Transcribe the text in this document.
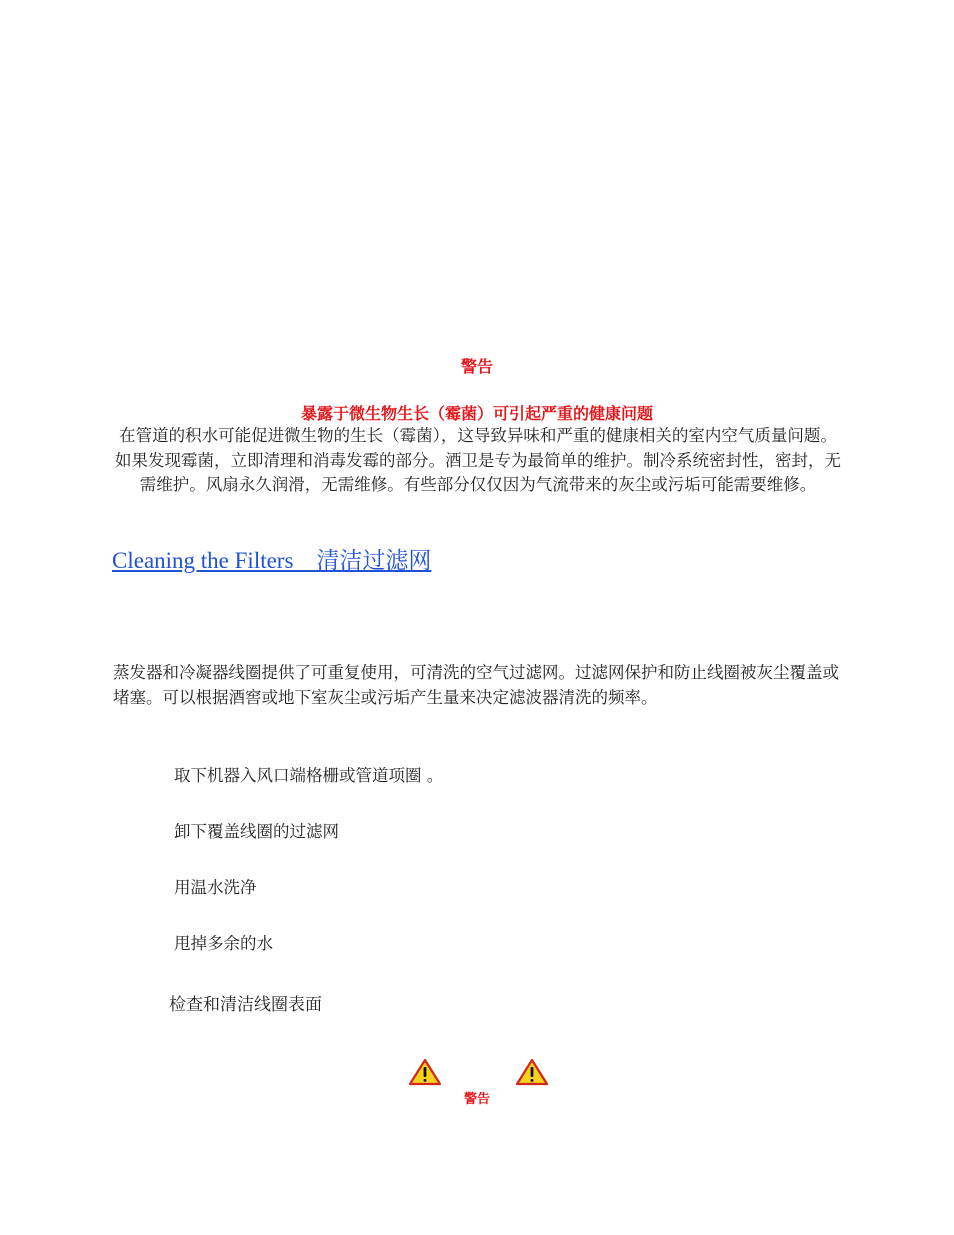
警告
暴露于微生物生长（霉菌）可引起严重的健康问题
在管道的积水可能促进微生物的生长（霉菌），这导致异味和严重的健康相关的室内空气质量问题。如果发现霉菌，立即清理和消毒发霉的部分。酒卫是专为最简单的维护。制冷系统密封性，密封，无需维护。风扇永久润滑，无需维修。有些部分仅仅因为气流带来的灰尘或污垢可能需要维修。
Cleaning the Filters　清洁过滤网
蒸发器和冷凝器线圈提供了可重复使用，可清洗的空气过滤网。过滤网保护和防止线圈被灰尘覆盖或堵塞。可以根据酒窖或地下室灰尘或污垢产生量来决定滤波器清洗的频率。
取下机器入风口端格栅或管道项圈 。
卸下覆盖线圈的过滤网
用温水洗净
甩掉多余的水
检查和清洁线圈表面
警告
